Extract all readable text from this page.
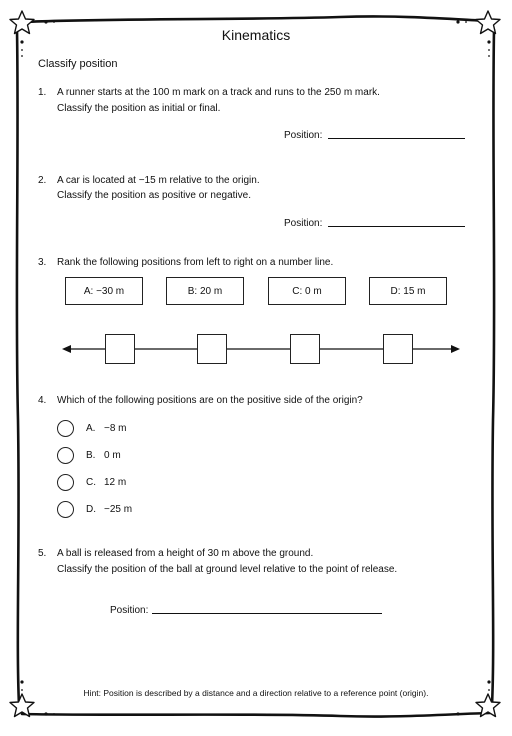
Kinematics
Classify position
1. A runner starts at the 100 m mark on a track and runs to the 250 m mark.
Classify the position as initial or final.
Position:
2. A car is located at −15 m relative to the origin.
Classify the position as positive or negative.
Position:
3. Rank the following positions from left to right on a number line.
A: −30 m	B: 20 m	C: 0 m	D: 15 m
4. Which of the following positions are on the positive side of the origin?
A. −8 m
B. 0 m
C. 12 m
D. −25 m
5. A ball is released from a height of 30 m above the ground.
Classify the position of the ball at ground level relative to the point of release.
Position:
Hint: Position is described by a distance and a direction relative to a reference point (origin).
